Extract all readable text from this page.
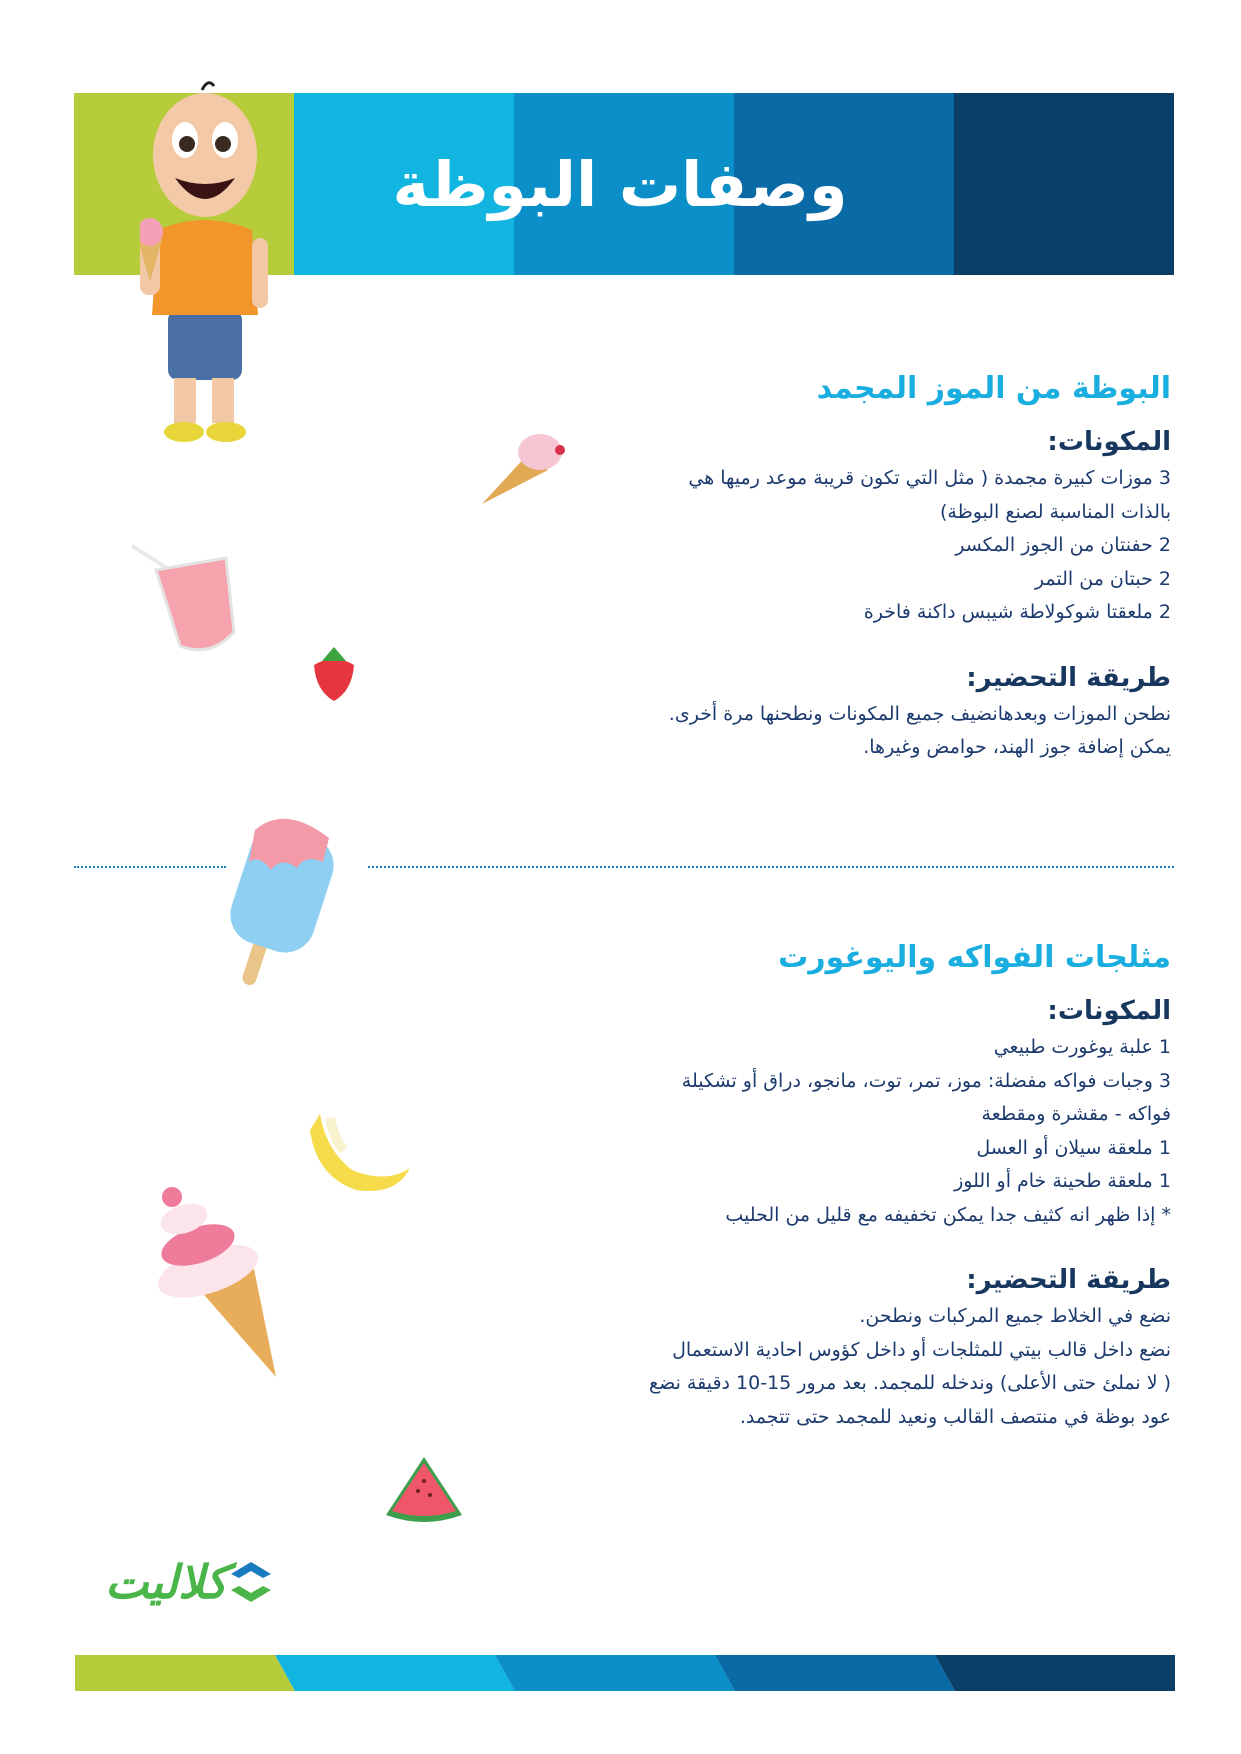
وصفات البوظة
البوظة من الموز المجمد
المكونات:

3 موزات كبيرة مجمدة ( مثل التي تكون قريبة موعد رميها هي

بالذات المناسبة لصنع البوظة)

2 حفنتان من الجوز المكسر

2 حبتان من التمر

2 ملعقتا شوكولاطة شيبس داكنة فاخرة

طريقة التحضير:

نطحن الموزات وبعدهانضيف جميع المكونات ونطحنها مرة أخرى.

يمكن إضافة جوز الهند، حوامض وغيرها.

مثلجات الفواكه واليوغورت
المكونات:

1 علبة يوغورت طبيعي

3 وجبات فواكه مفضلة: موز، تمر، توت، مانجو، دراق أو تشكيلة

فواكه - مقشرة ومقطعة

1 ملعقة سيلان أو العسل

1 ملعقة طحينة خام أو اللوز

* إذا ظهر انه كثيف جدا يمكن تخفيفه مع قليل من الحليب

طريقة التحضير:

نضع في الخلاط جميع المركبات ونطحن.

نضع داخل قالب بيتي للمثلجات أو داخل كؤوس احادية الاستعمال

( لا نملئ حتى الأعلى) وندخله للمجمد. بعد مرور 15-10 دقيقة نضع

عود بوظة في منتصف القالب ونعيد للمجمد حتى تتجمد.

كلاليت
